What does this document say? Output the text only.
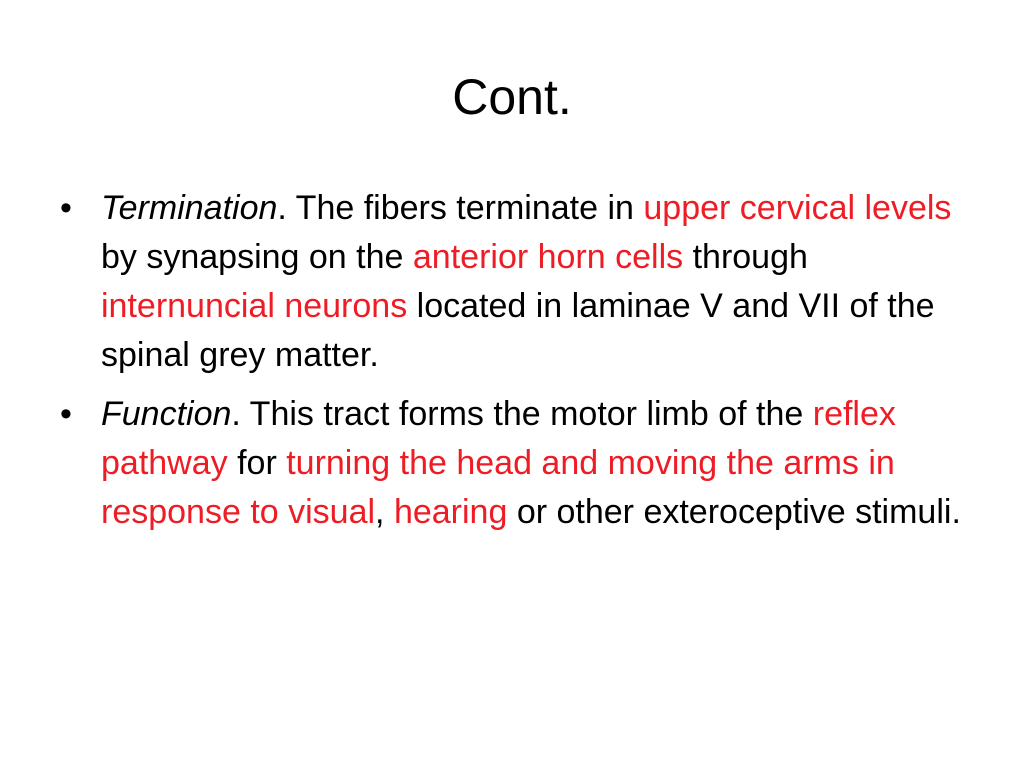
Cont.
• Termination. The fibers terminate in upper cervical levels by synapsing on the anterior horn cells through internuncial neurons located in laminae V and VII of the spinal grey matter.
• Function. This tract forms the motor limb of the reflex pathway for turning the head and moving the arms in response to visual, hearing or other exteroceptive stimuli.
